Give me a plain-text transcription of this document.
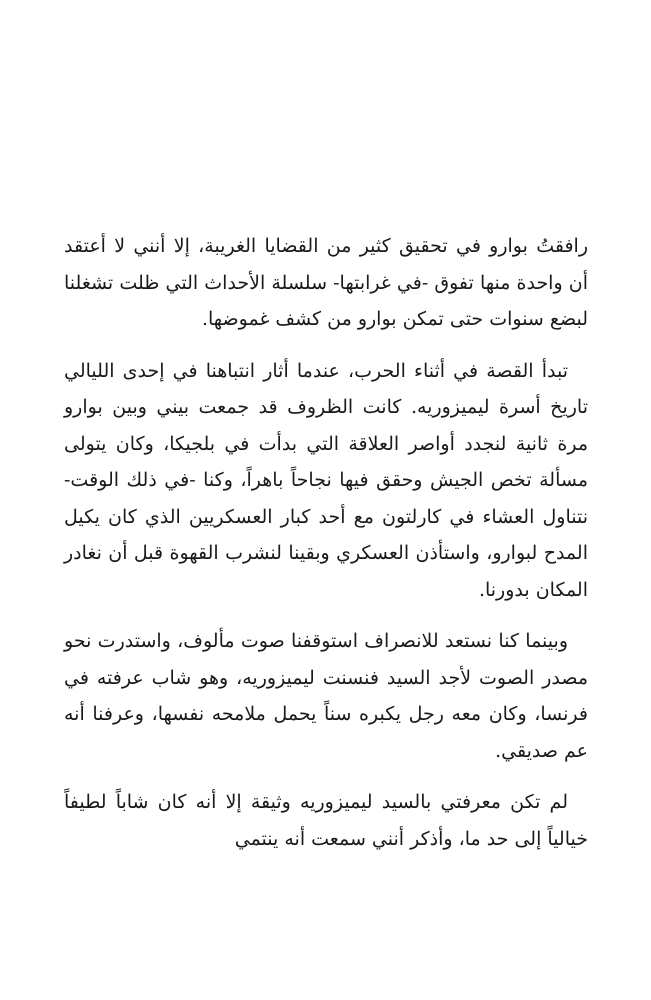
رافقتُ بوارو في تحقيق كثير من القضايا الغريبة، إلا أنني لا أعتقد أن واحدة منها تفوق -في غرابتها- سلسلة الأحداث التي ظلت تشغلنا لبضع سنوات حتى تمكن بوارو من كشف غموضها.

تبدأ القصة في أثناء الحرب، عندما أثار انتباهنا في إحدى الليالي تاريخ أسرة ليميزوريه. كانت الظروف قد جمعت بيني وبين بوارو مرة ثانية لنجدد أواصر العلاقة التي بدأت في بلجيكا، وكان يتولى مسألة تخص الجيش وحقق فيها نجاحاً باهراً، وكنا -في ذلك الوقت- نتناول العشاء في كارلتون مع أحد كبار العسكريين الذي كان يكيل المدح لبوارو، واستأذن العسكري وبقينا لنشرب القهوة قبل أن نغادر المكان بدورنا.

وبينما كنا نستعد للانصراف استوقفنا صوت مألوف، واستدرت نحو مصدر الصوت لأجد السيد فنسنت ليميزوريه، وهو شاب عرفته في فرنسا، وكان معه رجل يكبره سناً يحمل ملامحه نفسها، وعرفنا أنه عم صديقي.

لم تكن معرفتي بالسيد ليميزوريه وثيقة إلا أنه كان شاباً لطيفاً خيالياً إلى حد ما، وأذكر أنني سمعت أنه ينتمي
